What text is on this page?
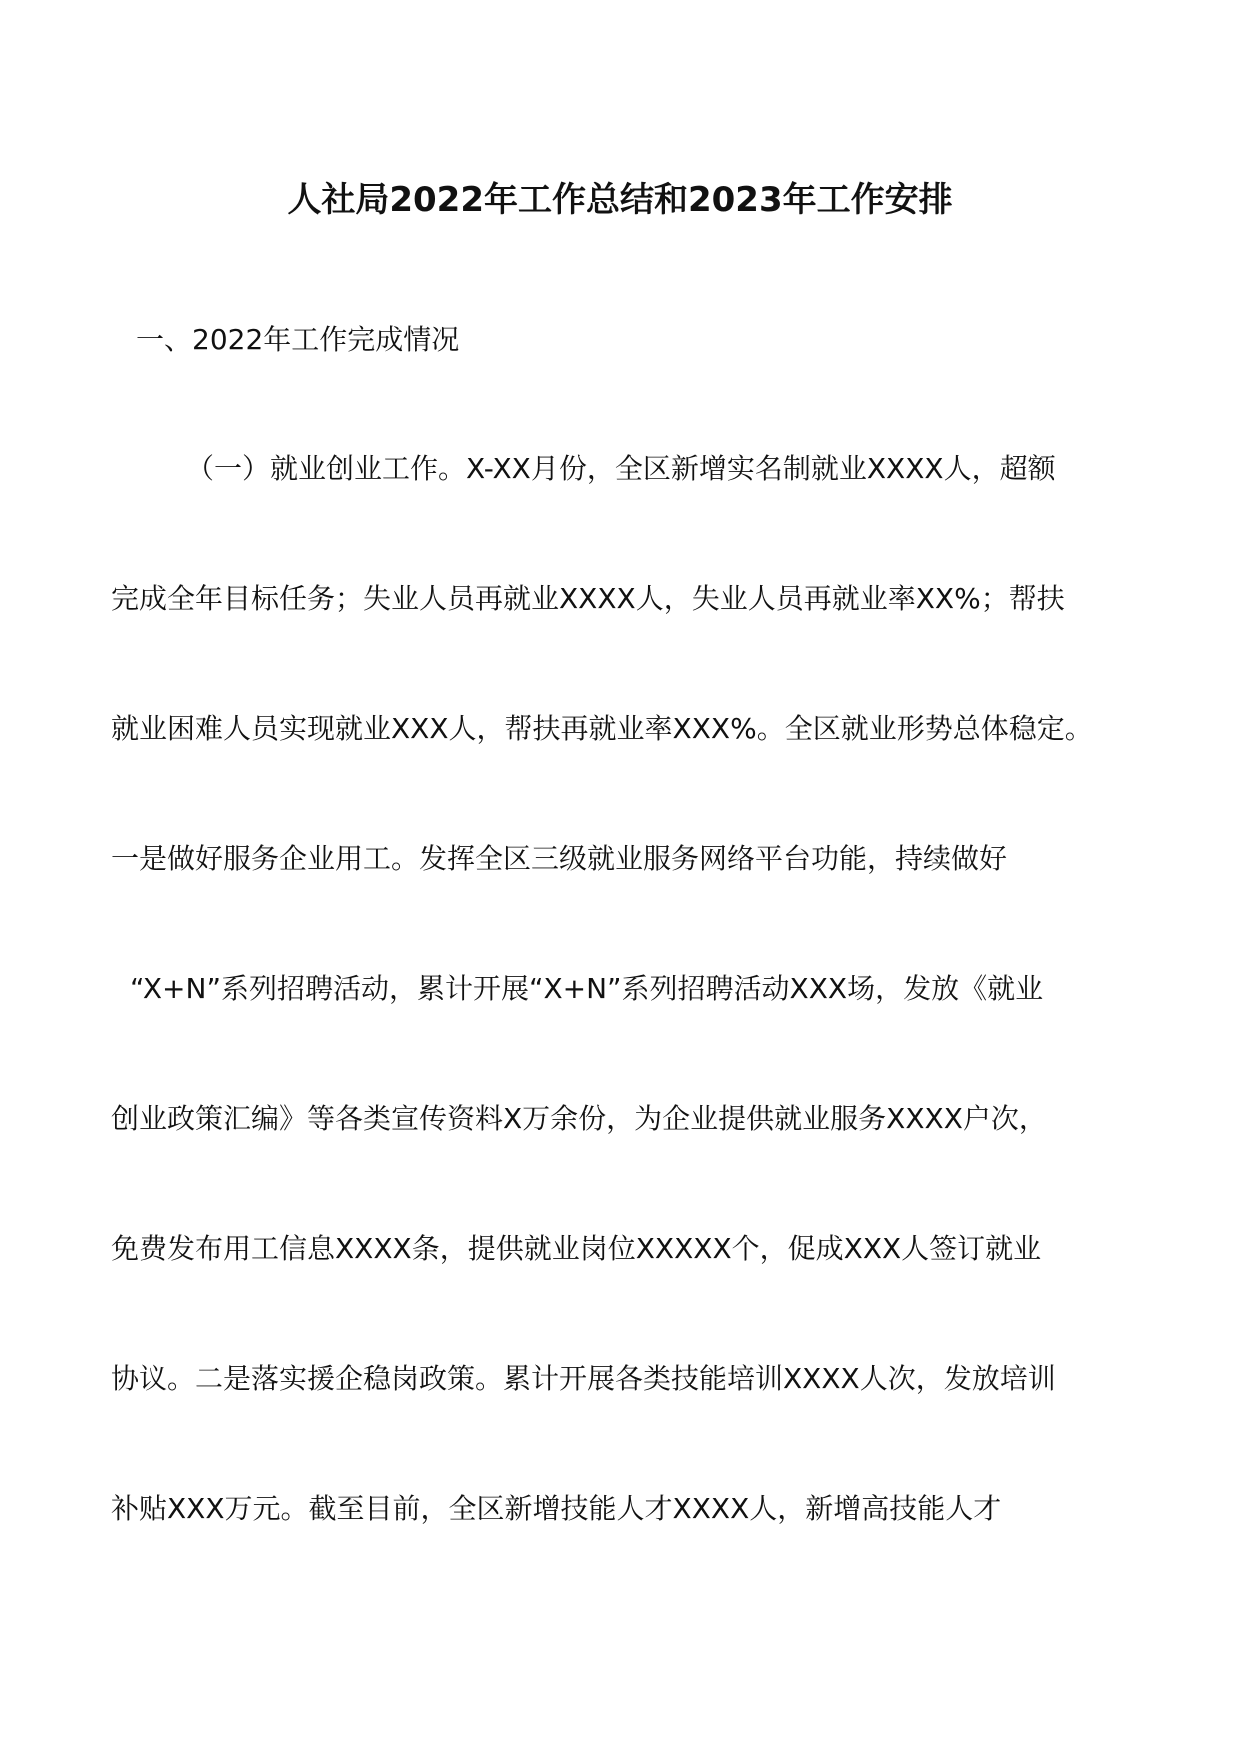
人社局2022年工作总结和2023年工作安排
一、2022年工作完成情况
（一）就业创业工作。X-XX月份，全区新增实名制就业XXXX人，超额
完成全年目标任务；失业人员再就业XXXX人，失业人员再就业率XX%；帮扶
就业困难人员实现就业XXX人，帮扶再就业率XXX%。全区就业形势总体稳定。
一是做好服务企业用工。发挥全区三级就业服务网络平台功能，持续做好
“X+N”系列招聘活动，累计开展“X+N”系列招聘活动XXX场，发放《就业
创业政策汇编》等各类宣传资料X万余份，为企业提供就业服务XXXX户次，
免费发布用工信息XXXX条，提供就业岗位XXXXX个，促成XXX人签订就业
协议。二是落实援企稳岗政策。累计开展各类技能培训XXXX人次，发放培训
补贴XXX万元。截至目前，全区新增技能人才XXXX人，新增高技能人才
